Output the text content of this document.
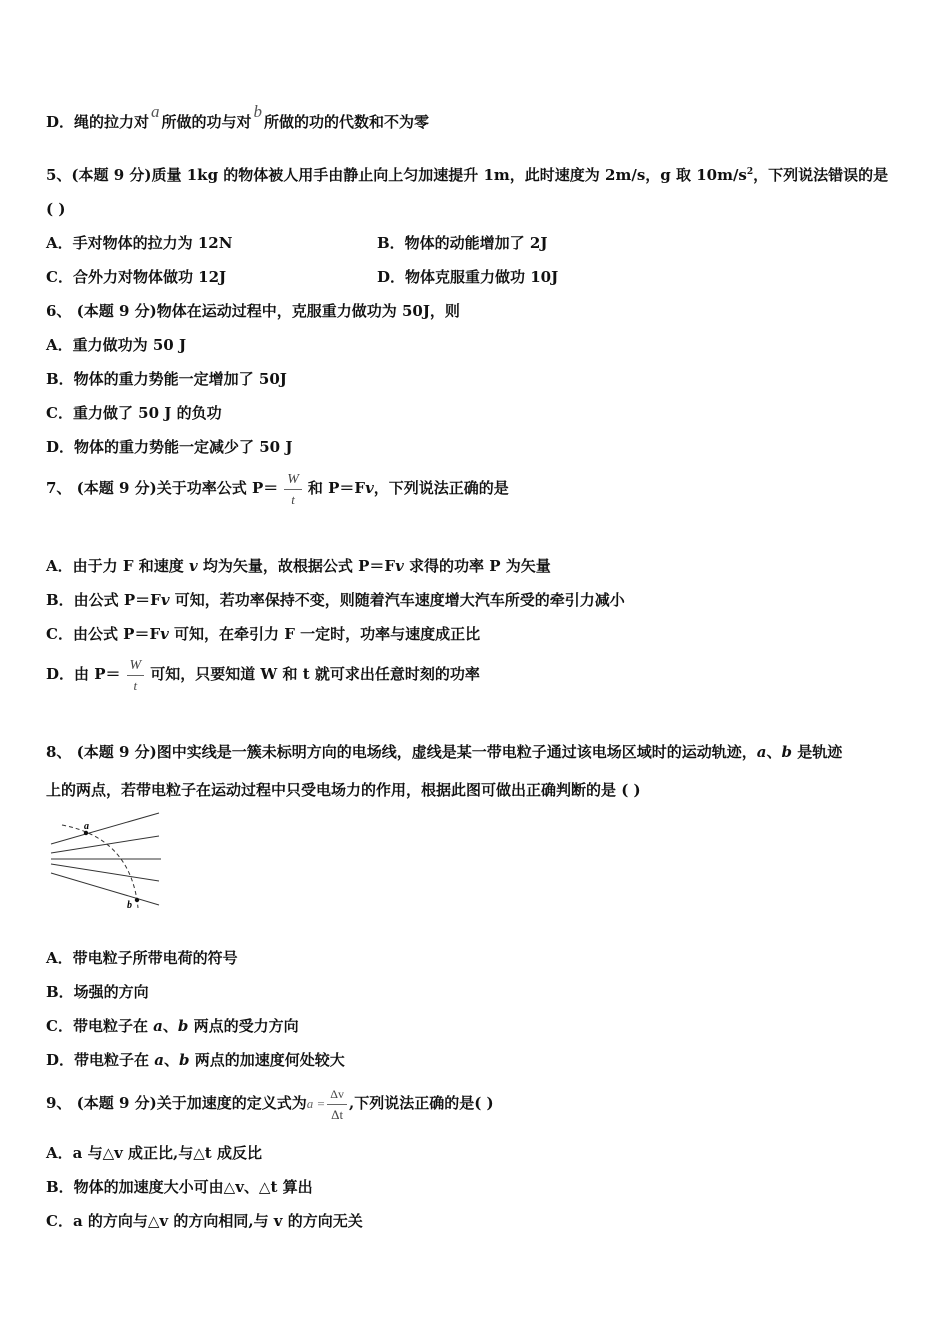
D．绳的拉力对a所做的功与对b所做的功的代数和不为零
5、(本题 9 分)质量 1kg 的物体被人用手由静止向上匀加速提升 1m，此时速度为 2m/s，g 取 $10m/s^2$，下列说法错误的是
( )
A．手对物体的拉力为 12N	B．物体的动能增加了 2J
C．合外力对物体做功 12J	D．物体克服重力做功 10J
6、 (本题 9 分)物体在运动过程中，克服重力做功为 50J，则
A．重力做功为 50 J
B．物体的重力势能一定增加了 50J
C．重力做了 50 J 的负功
D．物体的重力势能一定减少了 50 J
7、 (本题 9 分)关于功率公式 $P= \frac{W}{t}$ 和 P＝Fv，下列说法正确的是
A．由于力 F 和速度 v 均为矢量，故根据公式 P＝Fv 求得的功率 P 为矢量
B．由公式 P＝Fv 可知，若功率保持不变，则随着汽车速度增大汽车所受的牵引力减小
C．由公式 P＝Fv 可知，在牵引力 F 一定时，功率与速度成正比
D．由 $P= \frac{W}{t}$ 可知，只要知道 W 和 t 就可求出任意时刻的功率
8、 (本题 9 分)图中实线是一簇未标明方向的电场线，虚线是某一带电粒子通过该电场区域时的运动轨迹，a、b 是轨迹
上的两点，若带电粒子在运动过程中只受电场力的作用，根据此图可做出正确判断的是 ( )
a
b
A．带电粒子所带电荷的符号
B．场强的方向
C．带电粒子在 a、b 两点的受力方向
D．带电粒子在 a、b 两点的加速度何处较大
9、 (本题 9 分)关于加速度的定义式为$a = \frac{\Delta v}{\Delta t}$ ,下列说法正确的是( )
A．a 与△v 成正比,与△t 成反比
B．物体的加速度大小可由△v、△t 算出
C．a 的方向与△v 的方向相同,与 v 的方向无关
